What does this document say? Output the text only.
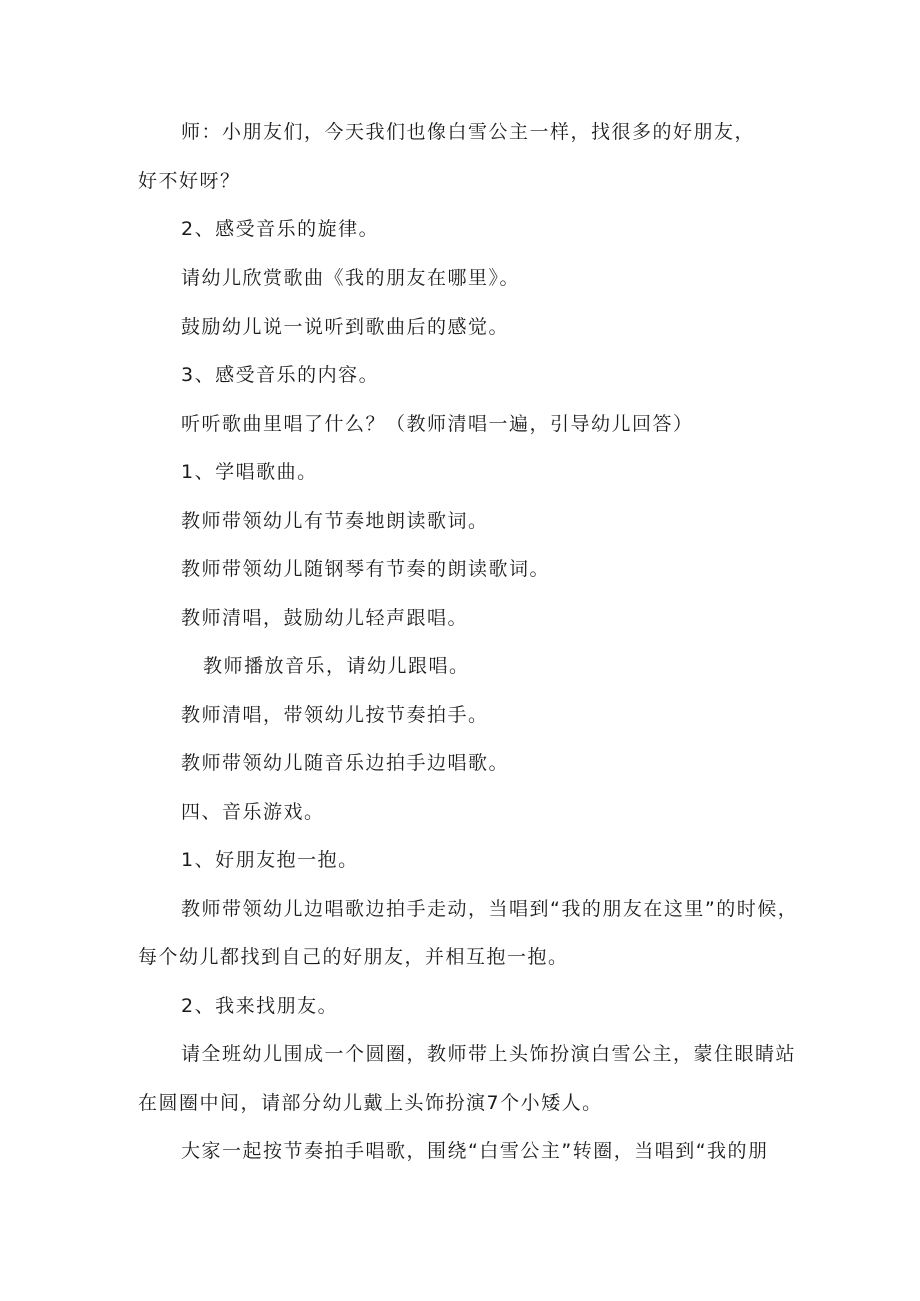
师：小朋友们，今天我们也像白雪公主一样，找很多的好朋友，
好不好呀？
2、感受音乐的旋律。
请幼儿欣赏歌曲《我的朋友在哪里》。
鼓励幼儿说一说听到歌曲后的感觉。
3、感受音乐的内容。
听听歌曲里唱了什么？（教师清唱一遍，引导幼儿回答）
1、学唱歌曲。
教师带领幼儿有节奏地朗读歌词。
教师带领幼儿随钢琴有节奏的朗读歌词。
教师清唱，鼓励幼儿轻声跟唱。
教师播放音乐，请幼儿跟唱。
教师清唱，带领幼儿按节奏拍手。
教师带领幼儿随音乐边拍手边唱歌。
四、音乐游戏。
1、好朋友抱一抱。
教师带领幼儿边唱歌边拍手走动，当唱到“我的朋友在这里”的时候，
每个幼儿都找到自己的好朋友，并相互抱一抱。
2、我来找朋友。
请全班幼儿围成一个圆圈，教师带上头饰扮演白雪公主，蒙住眼睛站
在圆圈中间，请部分幼儿戴上头饰扮演7个小矮人。
大家一起按节奏拍手唱歌，围绕“白雪公主”转圈，当唱到“我的朋
